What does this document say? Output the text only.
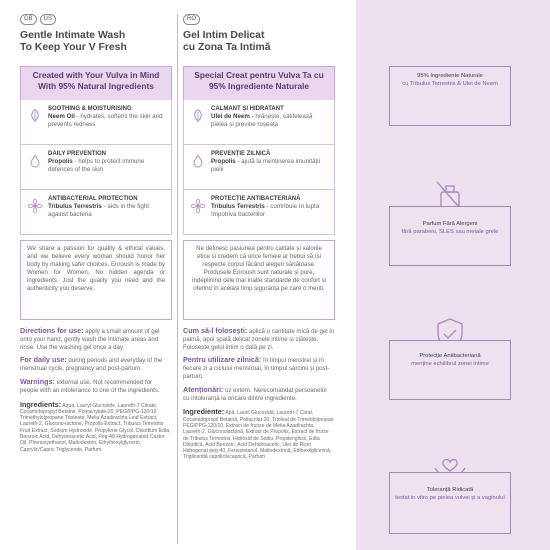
GB	US
Gentle Intimate Wash
To Keep Your V Fresh
Created with Your Vulva in Mind With 95% Natural Ingredients
SOOTHING & MOISTURISING
Neem Oil - hydrates, softens the skin and prevents redness
DAILY PREVENTION
Propolis - helps to protect immune defences of the skin
ANTIBACTERIAL PROTECTION
Tribulus Terrestris - aids in the fight against bacteria
We share a passion for quality & ethical values, and we believe every woman should honor her body by making safer choices. Enroush is made by Women for Women. No hidden agenda or ingredients. Just the quality you need and the authenticity you deserve.
Directions for use: apply a small amount of gel onto your hand, gently wash the intimate areas and rinse. Use the washing gel once a day.
For daily use: during periods and everyday of the menstrual cycle, pregnancy and post-partum.
Warnings: external use. Not recommended for people with an intolerance to one of the ingredients.
Ingredients: Aqua, Lauryl Glucoside, Laureth-7 Citrate, Cocamidopropyl Betaine, Polyacrylate-20, PEG/PPG-120/10 Trimethylolpropane Trioleate, Melia Azadirachta Leaf Extract, Laureth-2, Glucono-lactone, Propolis Extract, Tribulus Terrestris Fruit Extract, Sodium Hydroxide, Propylene Glycol, Disodium Edta, Benzoic Acid, Dehydroacetic Acid, Peg-40 Hydrogenated Castor Oil, Phenoxyethanol, Maltodextrin, Ethylhexylglycerin, Caprylic/Capric Triglyceride, Parfum
RO
Gel Intim Delicat
cu Zona Ta Intimă
Special Creat pentru Vulva Ta cu 95% Ingrediente Naturale
CALMANT ȘI HIDRATANT
Ulei de Neem - hrănește, catifelează pielea și previne roșeața
PREVENȚIE ZILNICĂ
Propolis - ajută la menținerea imunității pielii
PROTECȚIE ANTIBACTERIANĂ
Tribulus Terrestris - contribuie în lupta împotriva bacteriilor
Ne definesc pasiunea pentru calitate și valorile etice și credem că orice femeie ar trebui să își respecte corpul făcând alegeri sănătoase. Produsele Enroush sunt naturale și pure, îndeplinind cele mai înalte standarde de confort și oferind în același timp siguranța pe care o meriți.
Cum să-l folosești: aplică o cantitate mică de gel în palmă, apoi spală delicat zonele intime și clătește. Folosește gelul intim o dată pe zi.
Pentru utilizare zilnică: în timpul menstrei și în fiecare zi a ciclului menstrual, în timpul sarcinii și post-partum.
Atenționări: uz extern. Nerecomandat persoanelor cu intoleranță la oricare dintre ingrediente.
Ingrediente: Apă, Lauril Glucozidă, Laureth-7 Citrat, Cocamidopropil Betaină, Poliacrilat-20, Trioleat de Trimetilolpropan PEG/PPG-120/10, Extract de frunze de Melia Azadirachta, Laureth-2, Gluconolactonă, Extract de Propolis, Extract de fructe de Tribulus Terrestris, Hidroxid de Sodiu, Propilenglicol, Edta Disodică, Acid Benzoic, Acid Dehidroacetic, Ulei de Ricin Hidrogenat peg-40, Fenoxietanol, Maltodextrină, Etilhexilglicerină, Trigliceridă caprilică/caprică, Parfum
95% Ingrediente Naturale
cu Tribulus Terrestris & Ulei de Neem
Parfum Fără Alergeni
fără parabeni, SLES sau metale grele
Protecție Antibacteriană
menține echilibrul zonei intime
Toleranță Ridicată
testat in vitro pe pielea vulvei și a vaginului
